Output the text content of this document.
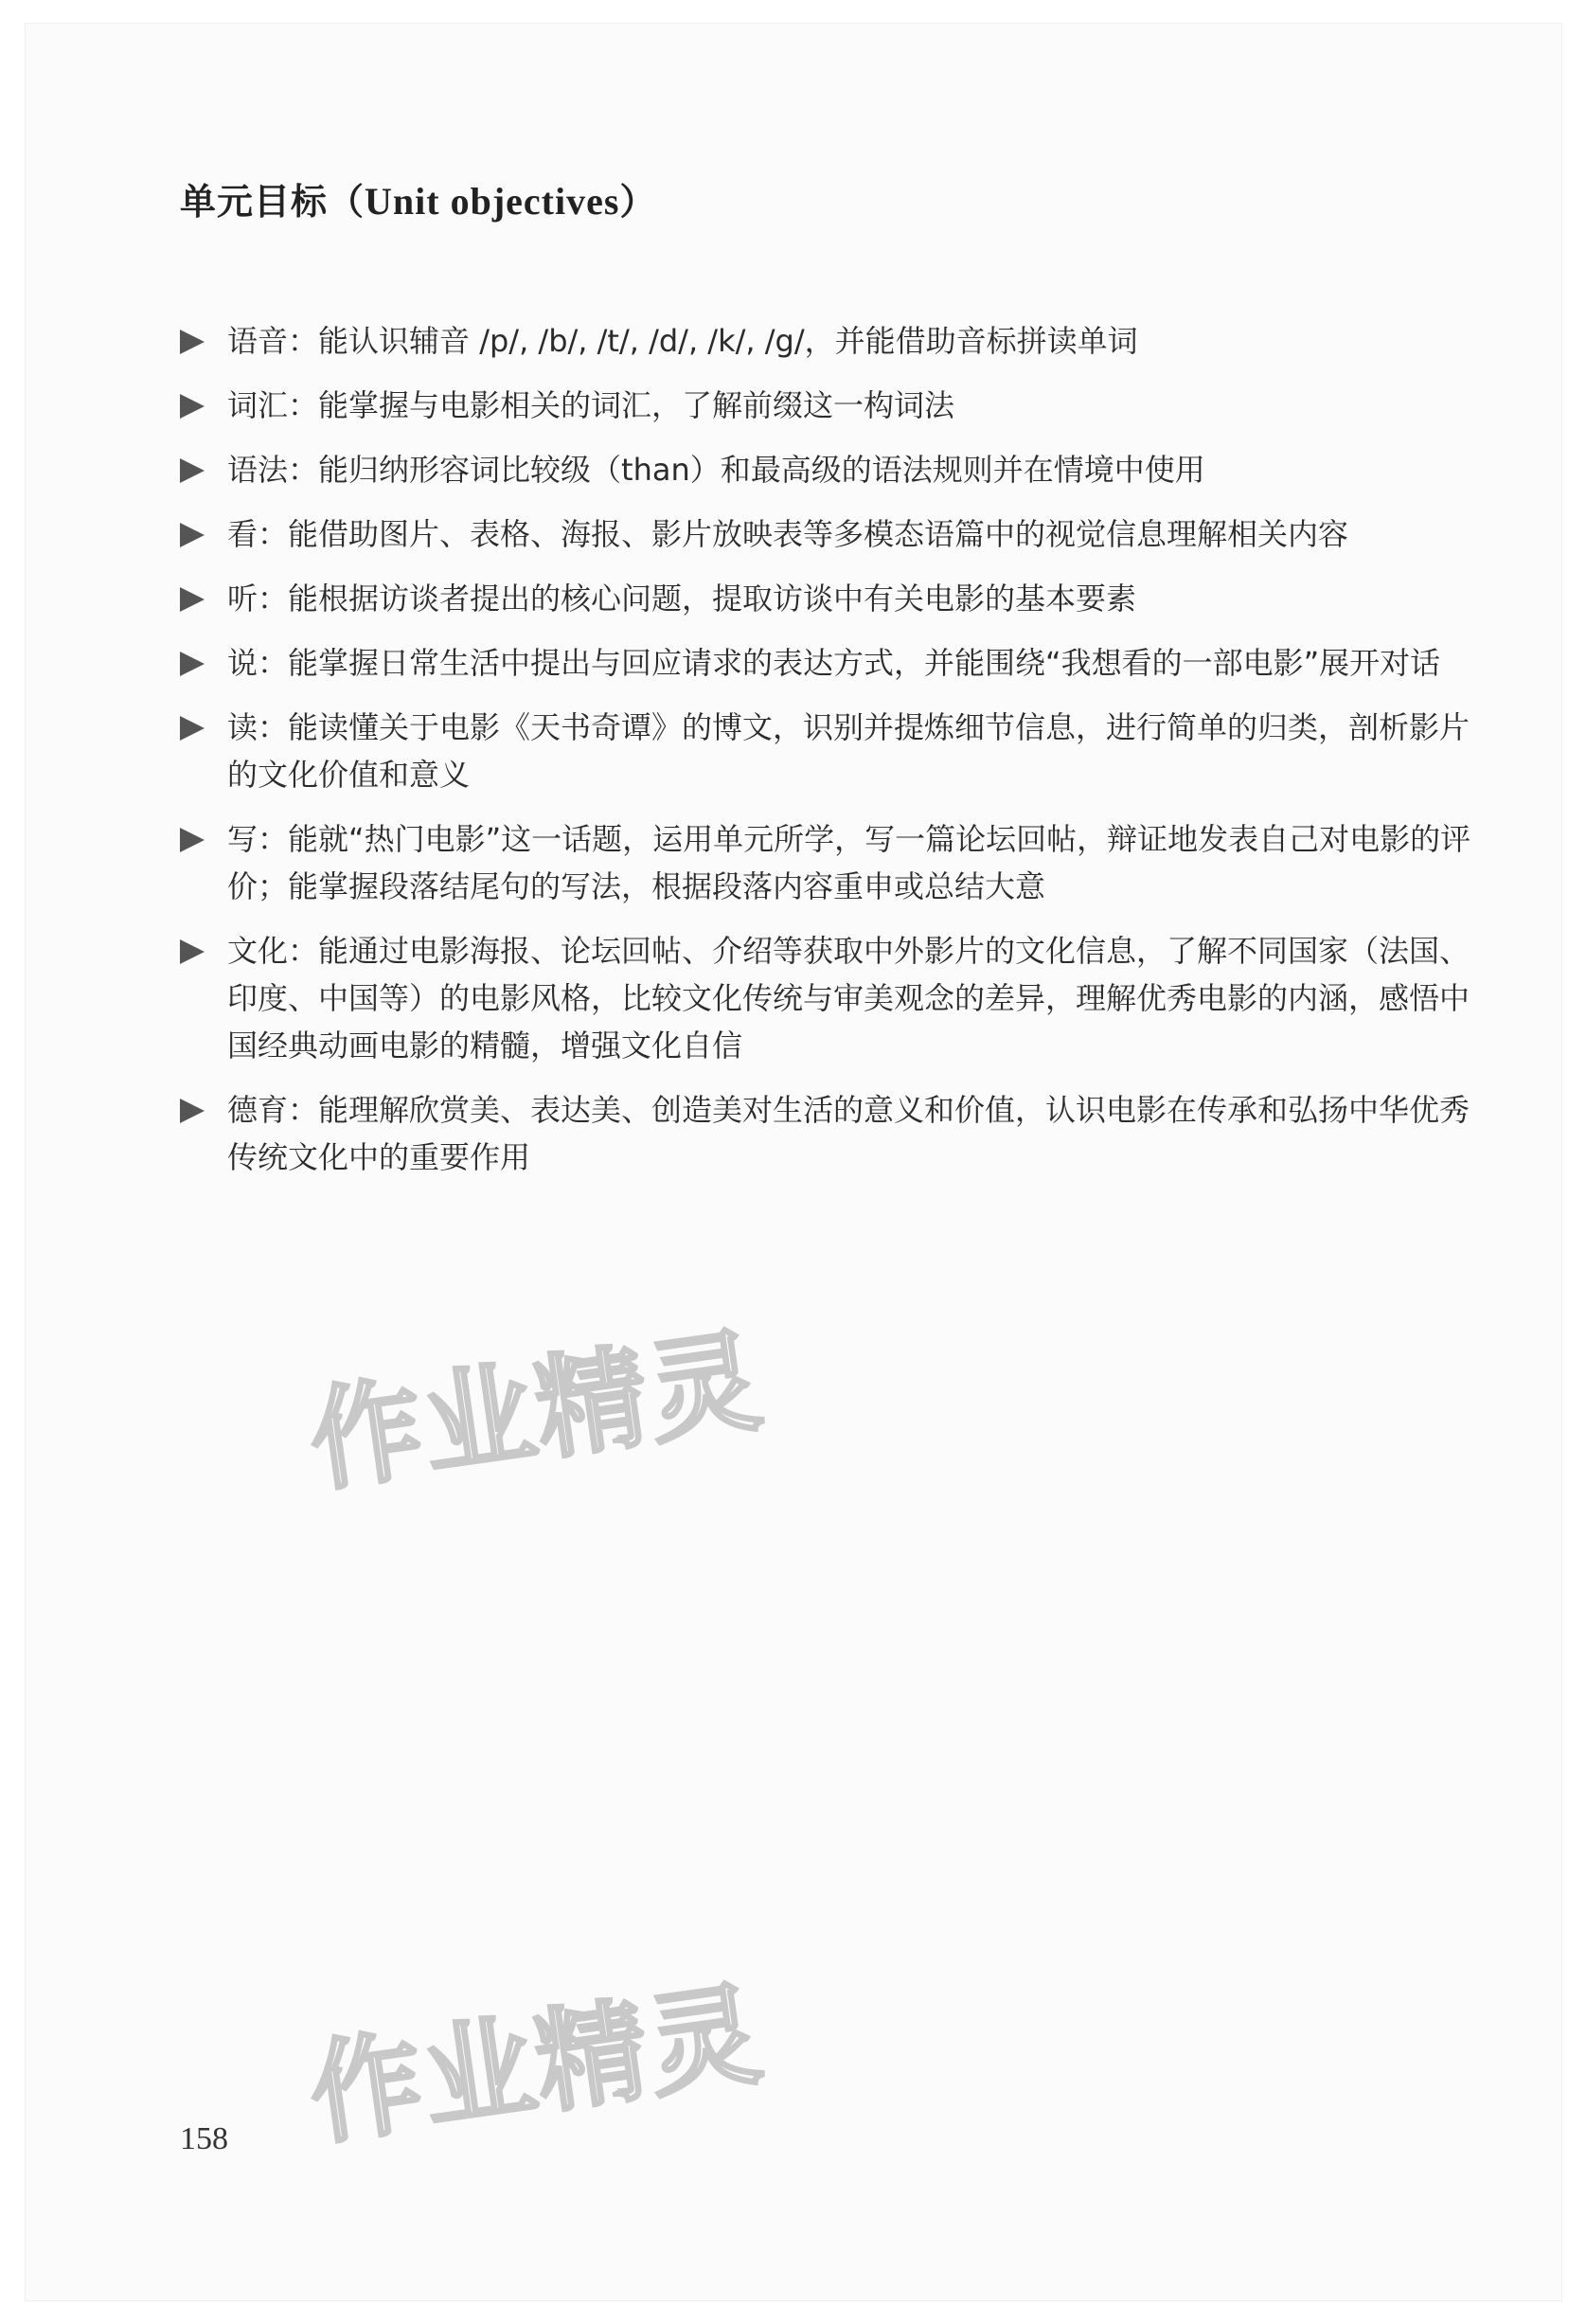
单元目标（Unit objectives）
语音：能认识辅音 /p/, /b/, /t/, /d/, /k/, /g/，并能借助音标拼读单词
词汇：能掌握与电影相关的词汇，了解前缀这一构词法
语法：能归纳形容词比较级（than）和最高级的语法规则并在情境中使用
看：能借助图片、表格、海报、影片放映表等多模态语篇中的视觉信息理解相关内容
听：能根据访谈者提出的核心问题，提取访谈中有关电影的基本要素
说：能掌握日常生活中提出与回应请求的表达方式，并能围绕“我想看的一部电影”展开对话
读：能读懂关于电影《天书奇谭》的博文，识别并提炼细节信息，进行简单的归类，剖析影片的文化价值和意义
写：能就“热门电影”这一话题，运用单元所学，写一篇论坛回帖，辩证地发表自己对电影的评价；能掌握段落结尾句的写法，根据段落内容重申或总结大意
文化：能通过电影海报、论坛回帖、介绍等获取中外影片的文化信息，了解不同国家（法国、印度、中国等）的电影风格，比较文化传统与审美观念的差异，理解优秀电影的内涵，感悟中国经典动画电影的精髓，增强文化自信
德育：能理解欣赏美、表达美、创造美对生活的意义和价值，认识电影在传承和弘扬中华优秀传统文化中的重要作用
作业精灵
作业精灵
158
